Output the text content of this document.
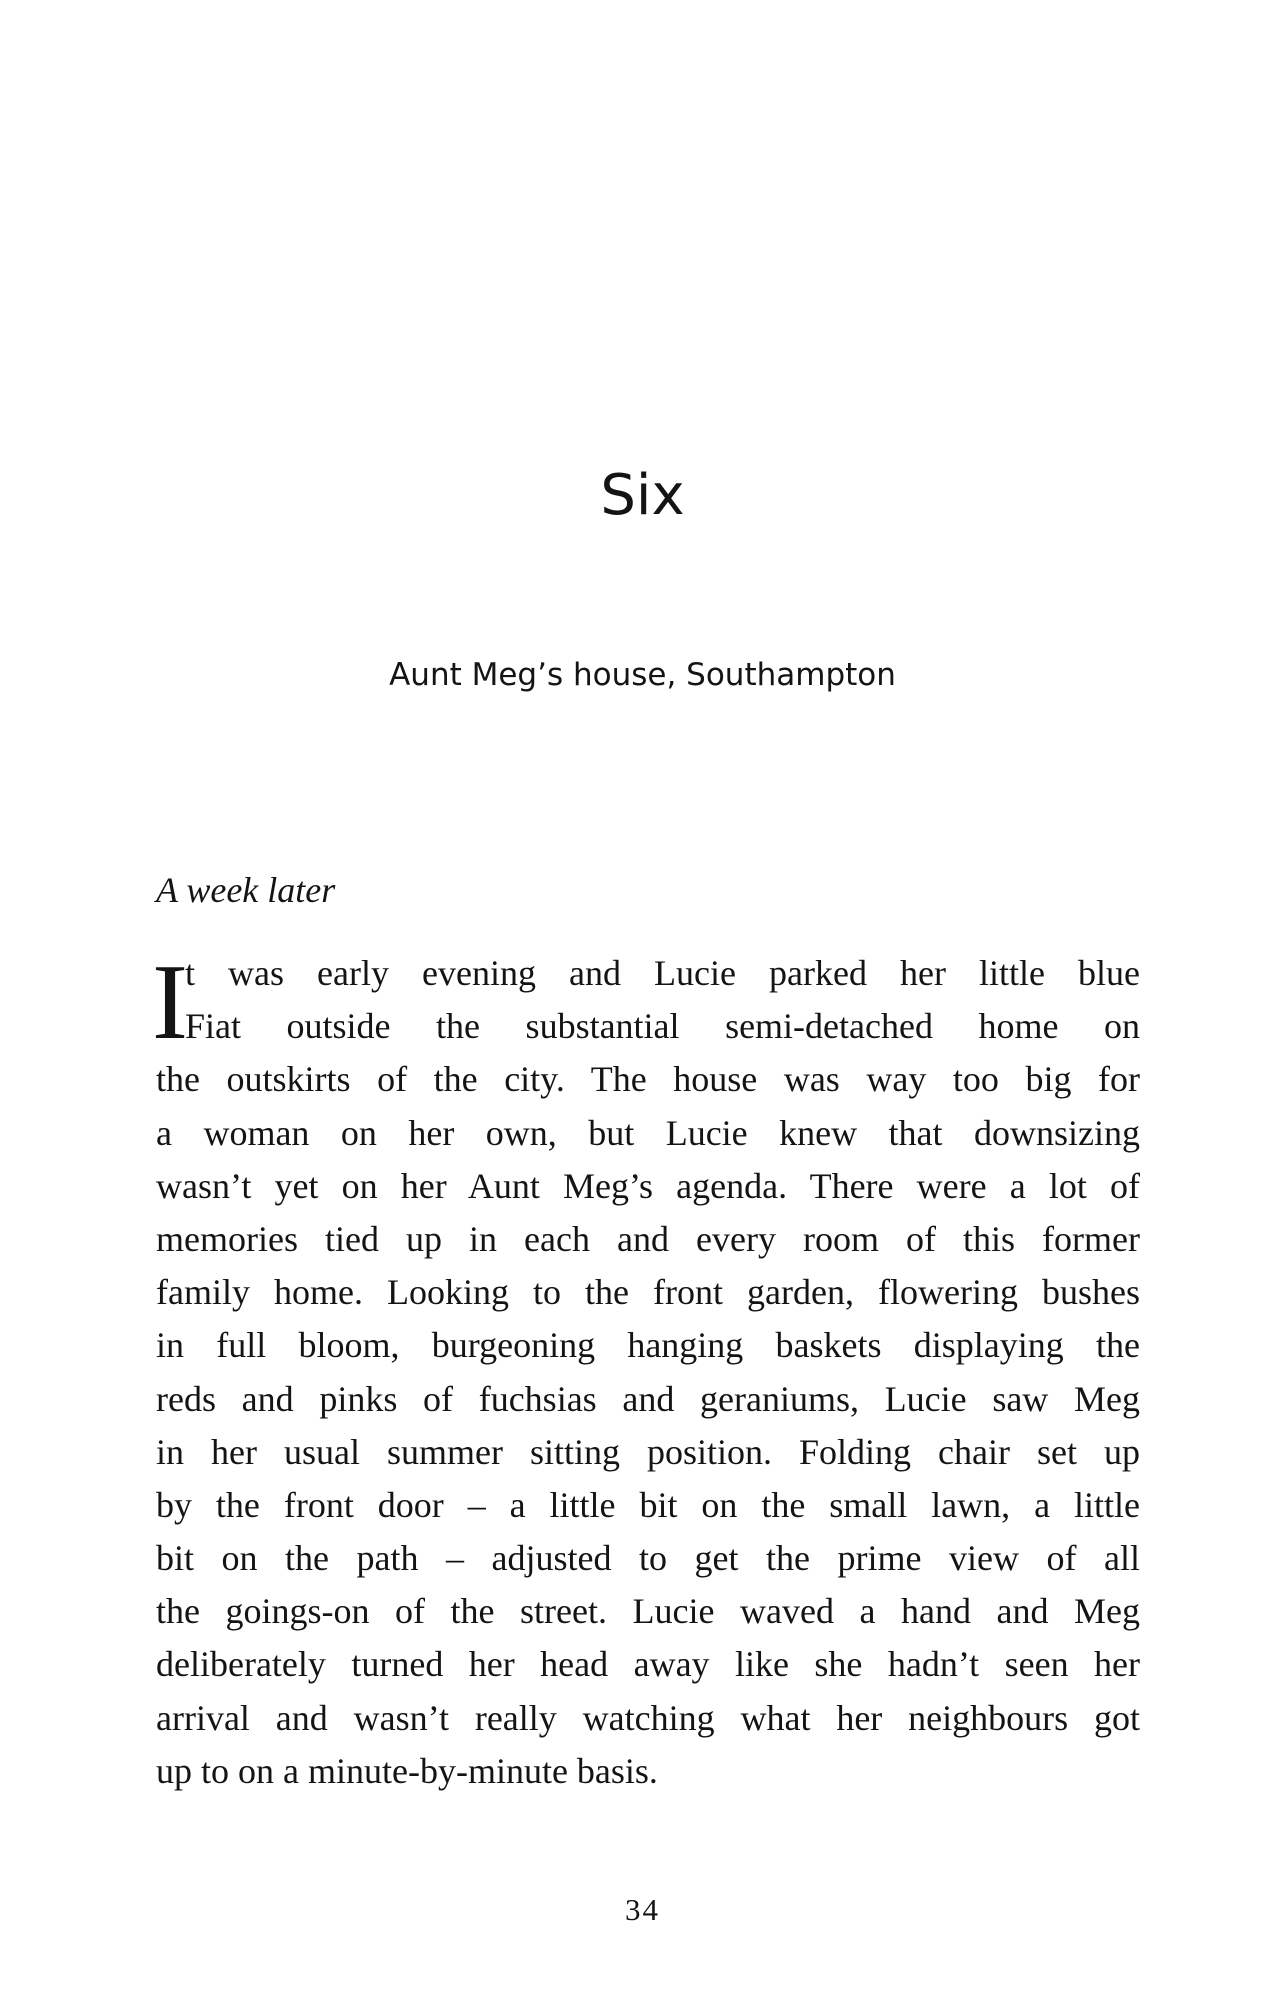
Six

Aunt Meg’s house, Southampton

A week later

I
t was early evening and Lucie parked her little blue
Fiat outside the substantial semi-detached home on
the outskirts of the city. The house was way too big for
a woman on her own, but Lucie knew that downsizing
wasn’t yet on her Aunt Meg’s agenda. There were a lot of
memories tied up in each and every room of this former
family home. Looking to the front garden, flowering bushes
in full bloom, burgeoning hanging baskets displaying the
reds and pinks of fuchsias and geraniums, Lucie saw Meg
in her usual summer sitting position. Folding chair set up
by the front door – a little bit on the small lawn, a little
bit on the path – adjusted to get the prime view of all
the goings-on of the street. Lucie waved a hand and Meg
deliberately turned her head away like she hadn’t seen her
arrival and wasn’t really watching what her neighbours got
up to on a minute-by-minute basis.

34
